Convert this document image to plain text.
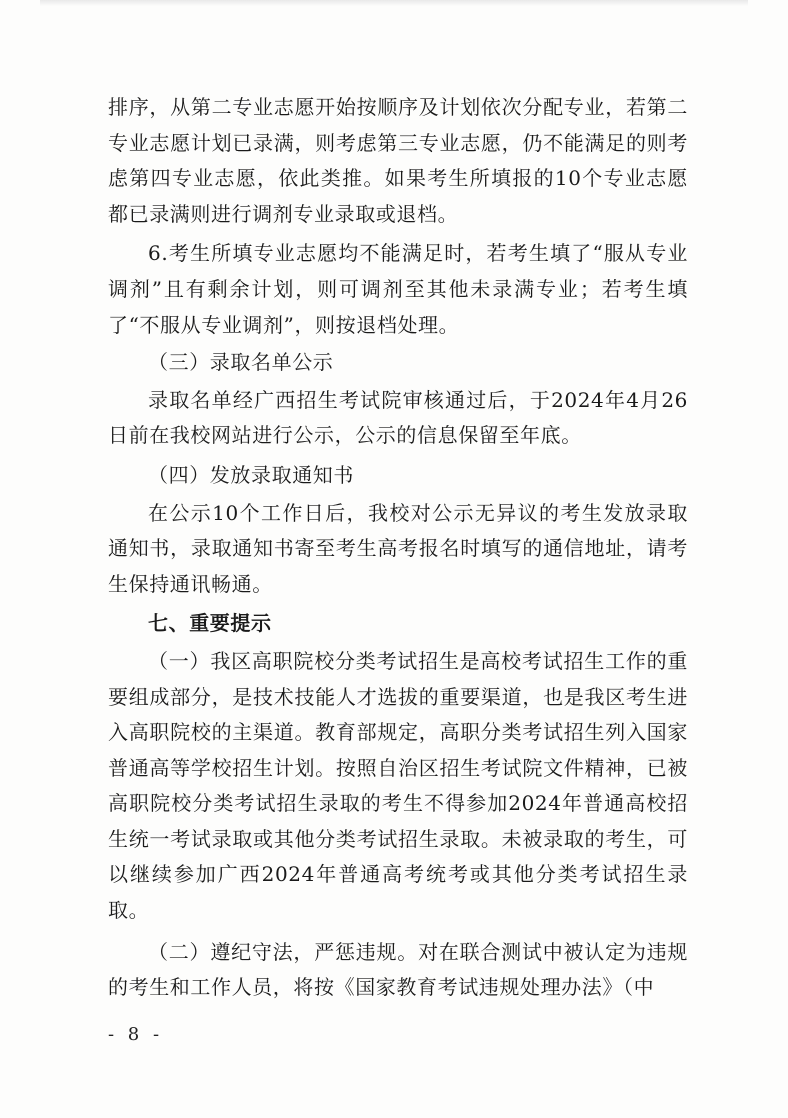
排序，从第二专业志愿开始按顺序及计划依次分配专业，若第二专业志愿计划已录满，则考虑第三专业志愿，仍不能满足的则考虑第四专业志愿，依此类推。如果考生所填报的10个专业志愿都已录满则进行调剂专业录取或退档。

6.考生所填专业志愿均不能满足时，若考生填了“服从专业调剂”且有剩余计划，则可调剂至其他未录满专业；若考生填了“不服从专业调剂”，则按退档处理。

（三）录取名单公示

录取名单经广西招生考试院审核通过后，于2024年4月26日前在我校网站进行公示，公示的信息保留至年底。

（四）发放录取通知书

在公示10个工作日后，我校对公示无异议的考生发放录取通知书，录取通知书寄至考生高考报名时填写的通信地址，请考生保持通讯畅通。

七、重要提示

（一）我区高职院校分类考试招生是高校考试招生工作的重要组成部分，是技术技能人才选拔的重要渠道，也是我区考生进入高职院校的主渠道。教育部规定，高职分类考试招生列入国家普通高等学校招生计划。按照自治区招生考试院文件精神，已被高职院校分类考试招生录取的考生不得参加2024年普通高校招生统一考试录取或其他分类考试招生录取。未被录取的考生，可以继续参加广西2024年普通高考统考或其他分类考试招生录取。

（二）遵纪守法，严惩违规。对在联合测试中被认定为违规的考生和工作人员，将按《国家教育考试违规处理办法》（中

- 8 -
